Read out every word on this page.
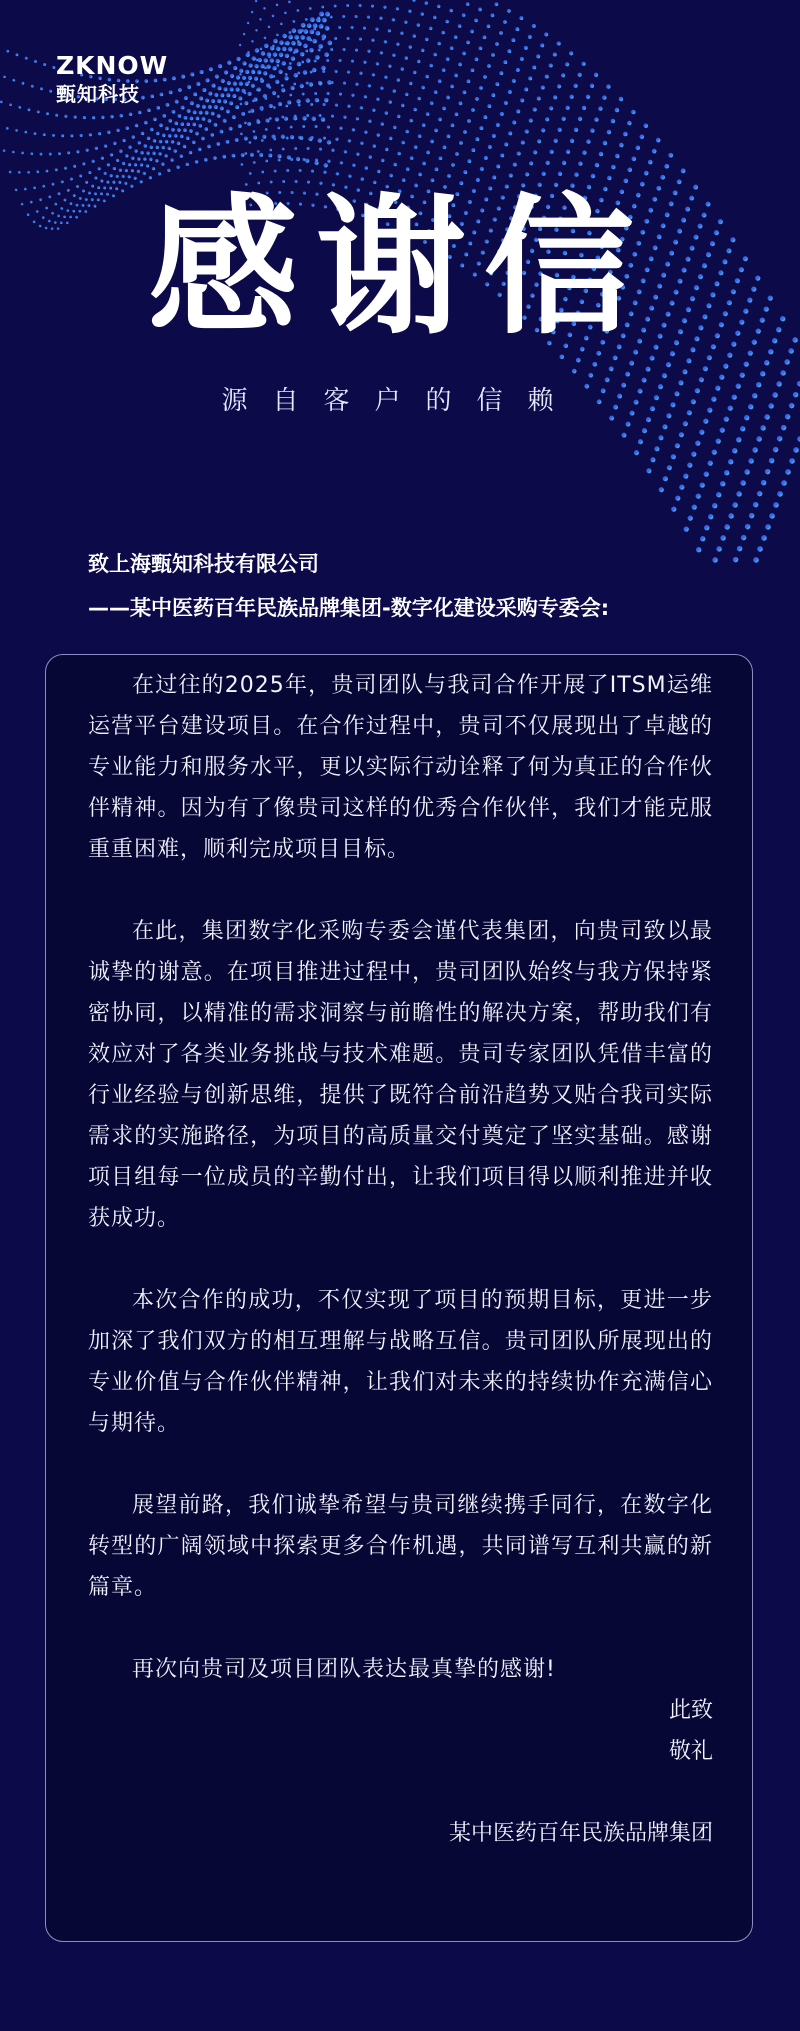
ZKNOW
甄知科技
感谢信
源自客户的信赖
致上海甄知科技有限公司
——某中医药百年民族品牌集团-数字化建设采购专委会:

在过往的2025年，贵司团队与我司合作开展了ITSM运维运营平台建设项目。在合作过程中，贵司不仅展现出了卓越的专业能力和服务水平，更以实际行动诠释了何为真正的合作伙伴精神。因为有了像贵司这样的优秀合作伙伴，我们才能克服重重困难，顺利完成项目目标。

在此，集团数字化采购专委会谨代表集团，向贵司致以最诚挚的谢意。在项目推进过程中，贵司团队始终与我方保持紧密协同，以精准的需求洞察与前瞻性的解决方案，帮助我们有效应对了各类业务挑战与技术难题。贵司专家团队凭借丰富的行业经验与创新思维，提供了既符合前沿趋势又贴合我司实际需求的实施路径，为项目的高质量交付奠定了坚实基础。感谢项目组每一位成员的辛勤付出，让我们项目得以顺利推进并收获成功。

本次合作的成功，不仅实现了项目的预期目标，更进一步加深了我们双方的相互理解与战略互信。贵司团队所展现出的专业价值与合作伙伴精神，让我们对未来的持续协作充满信心与期待。

展望前路，我们诚挚希望与贵司继续携手同行，在数字化转型的广阔领域中探索更多合作机遇，共同谱写互利共赢的新篇章。

再次向贵司及项目团队表达最真挚的感谢!

此致
敬礼
某中医药百年民族品牌集团
